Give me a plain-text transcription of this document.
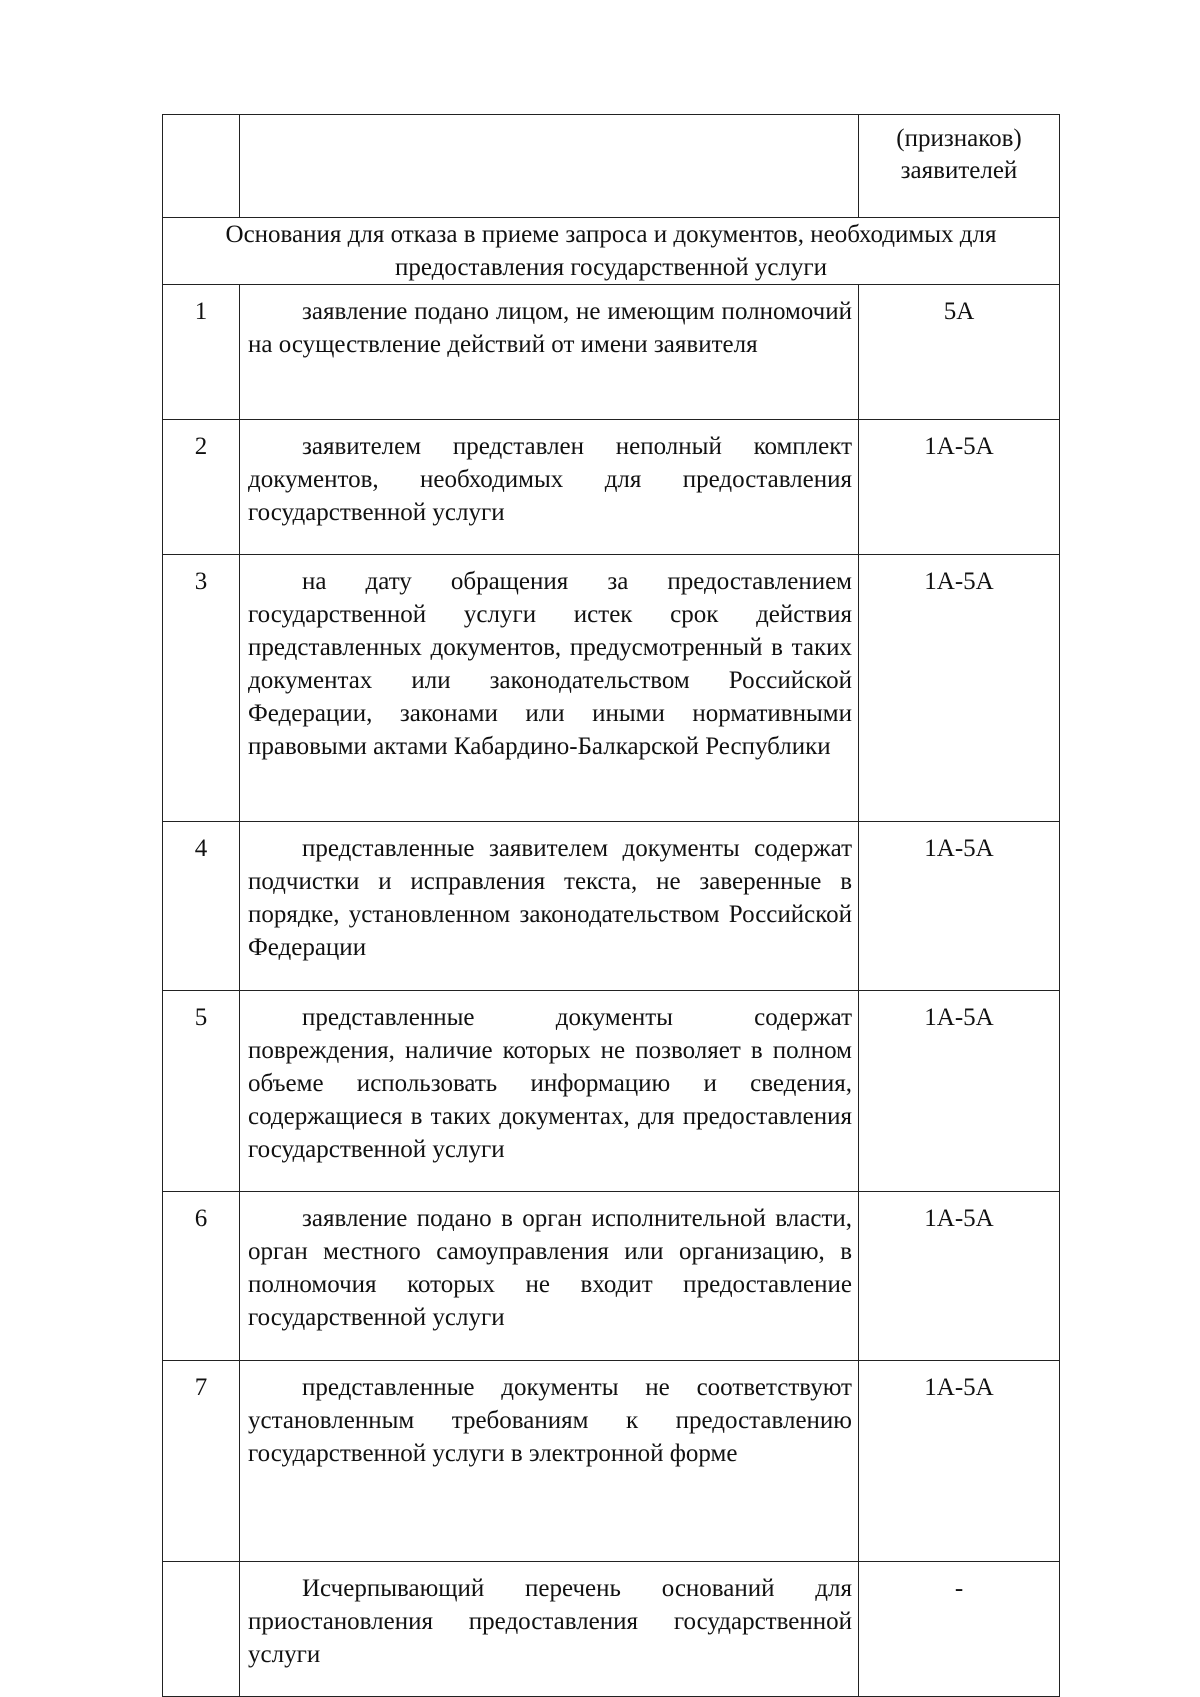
		(признаков) заявителей
Основания для отказа в приеме запроса и документов, необходимых для предоставления государственной услуги		
1	заявление подано лицом, не имеющим полномочий на осуществление действий от имени заявителя	5А
2	заявителем представлен неполный комплект документов, необходимых для предоставления государственной услуги	1А-5А
3	на дату обращения за предоставлением государственной услуги истек срок действия представленных документов, предусмотренный в таких документах или законодательством Российской Федерации, законами или иными нормативными правовыми актами Кабардино-Балкарской Республики	1А-5А
4	представленные заявителем документы содержат подчистки и исправления текста, не заверенные в порядке, установленном законодательством Российской Федерации	1А-5А
5	представленные документы содержат повреждения, наличие которых не позволяет в полном объеме использовать информацию и сведения, содержащиеся в таких документах, для предоставления государственной услуги	1А-5А
6	заявление подано в орган исполнительной власти, орган местного самоуправления или организацию, в полномочия которых не входит предоставление государственной услуги	1А-5А
7	представленные документы не соответствуют установленным требованиям к предоставлению государственной услуги в электронной форме	1А-5А

	Исчерпывающий перечень оснований для приостановления предоставления государственной услуги	-
